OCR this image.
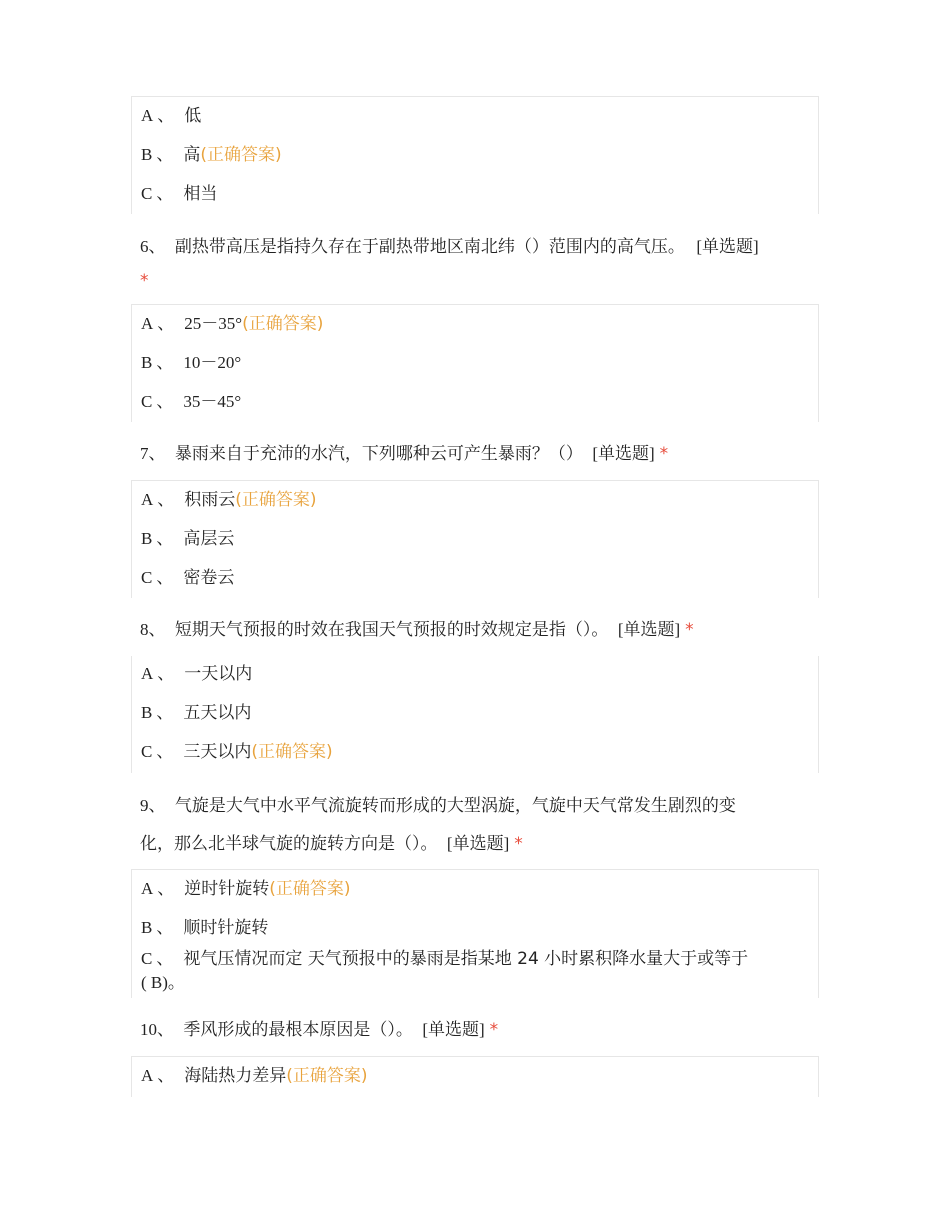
A 、 低
B 、 高(正确答案)
C 、 相当
6、 副热带高压是指持久存在于副热带地区南北纬（）范围内的高气压。 [单选题]
*
A 、 25－35°(正确答案)
B 、 10－20°
C 、 35－45°
7、 暴雨来自于充沛的水汽，下列哪种云可产生暴雨？（） [单选题] *
A 、 积雨云(正确答案)
B 、 高层云
C 、 密卷云
8、 短期天气预报的时效在我国天气预报的时效规定是指（）。 [单选题] *
A 、 一天以内
B 、 五天以内
C 、 三天以内(正确答案)
9、 气旋是大气中水平气流旋转而形成的大型涡旋，气旋中天气常发生剧烈的变
化，那么北半球气旋的旋转方向是（）。 [单选题] *
A 、 逆时针旋转(正确答案)
B 、 顺时针旋转
C 、 视气压情况而定 天气预报中的暴雨是指某地 24 小时累积降水量大于或等于
( B)。
10、 季风形成的最根本原因是（）。 [单选题] *
A 、 海陆热力差异(正确答案)
